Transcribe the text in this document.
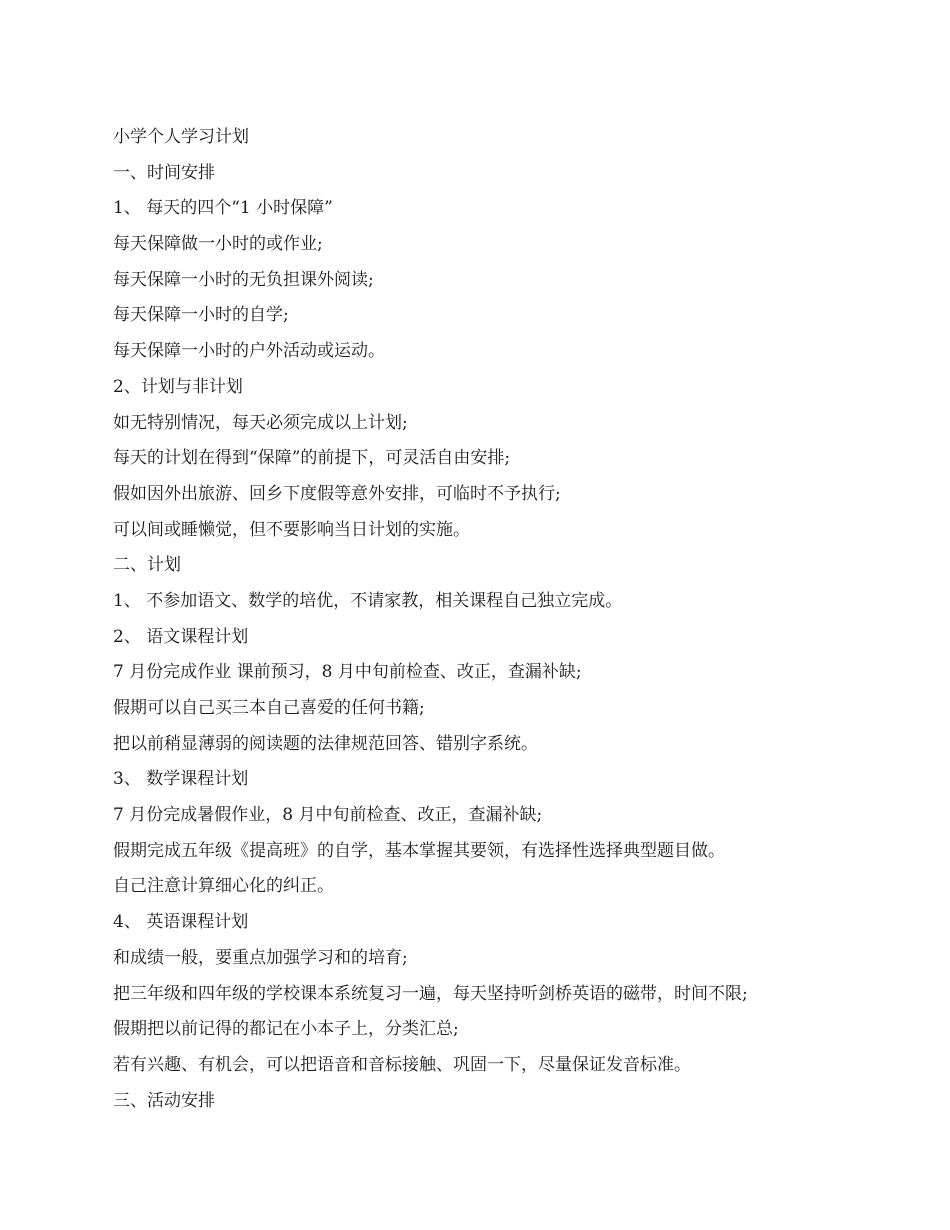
小学个人学习计划
一、时间安排
1、 每天的四个“1 小时保障”
每天保障做一小时的或作业;
每天保障一小时的无负担课外阅读;
每天保障一小时的自学;
每天保障一小时的户外活动或运动。
2、计划与非计划
如无特别情况，每天必须完成以上计划;
每天的计划在得到“保障”的前提下，可灵活自由安排;
假如因外出旅游、回乡下度假等意外安排，可临时不予执行;
可以间或睡懒觉，但不要影响当日计划的实施。
二、计划
1、 不参加语文、数学的培优，不请家教，相关课程自己独立完成。
2、 语文课程计划
7 月份完成作业 课前预习，8 月中旬前检查、改正，查漏补缺;
假期可以自己买三本自己喜爱的任何书籍;
把以前稍显薄弱的阅读题的法律规范回答、错别字系统。
3、 数学课程计划
7 月份完成暑假作业，8 月中旬前检查、改正，查漏补缺;
假期完成五年级《提高班》的自学，基本掌握其要领，有选择性选择典型题目做。
自己注意计算细心化的纠正。
4、 英语课程计划
和成绩一般，要重点加强学习和的培育;
把三年级和四年级的学校课本系统复习一遍，每天坚持听剑桥英语的磁带，时间不限;
假期把以前记得的都记在小本子上，分类汇总;
若有兴趣、有机会，可以把语音和音标接触、巩固一下，尽量保证发音标准。
三、活动安排
